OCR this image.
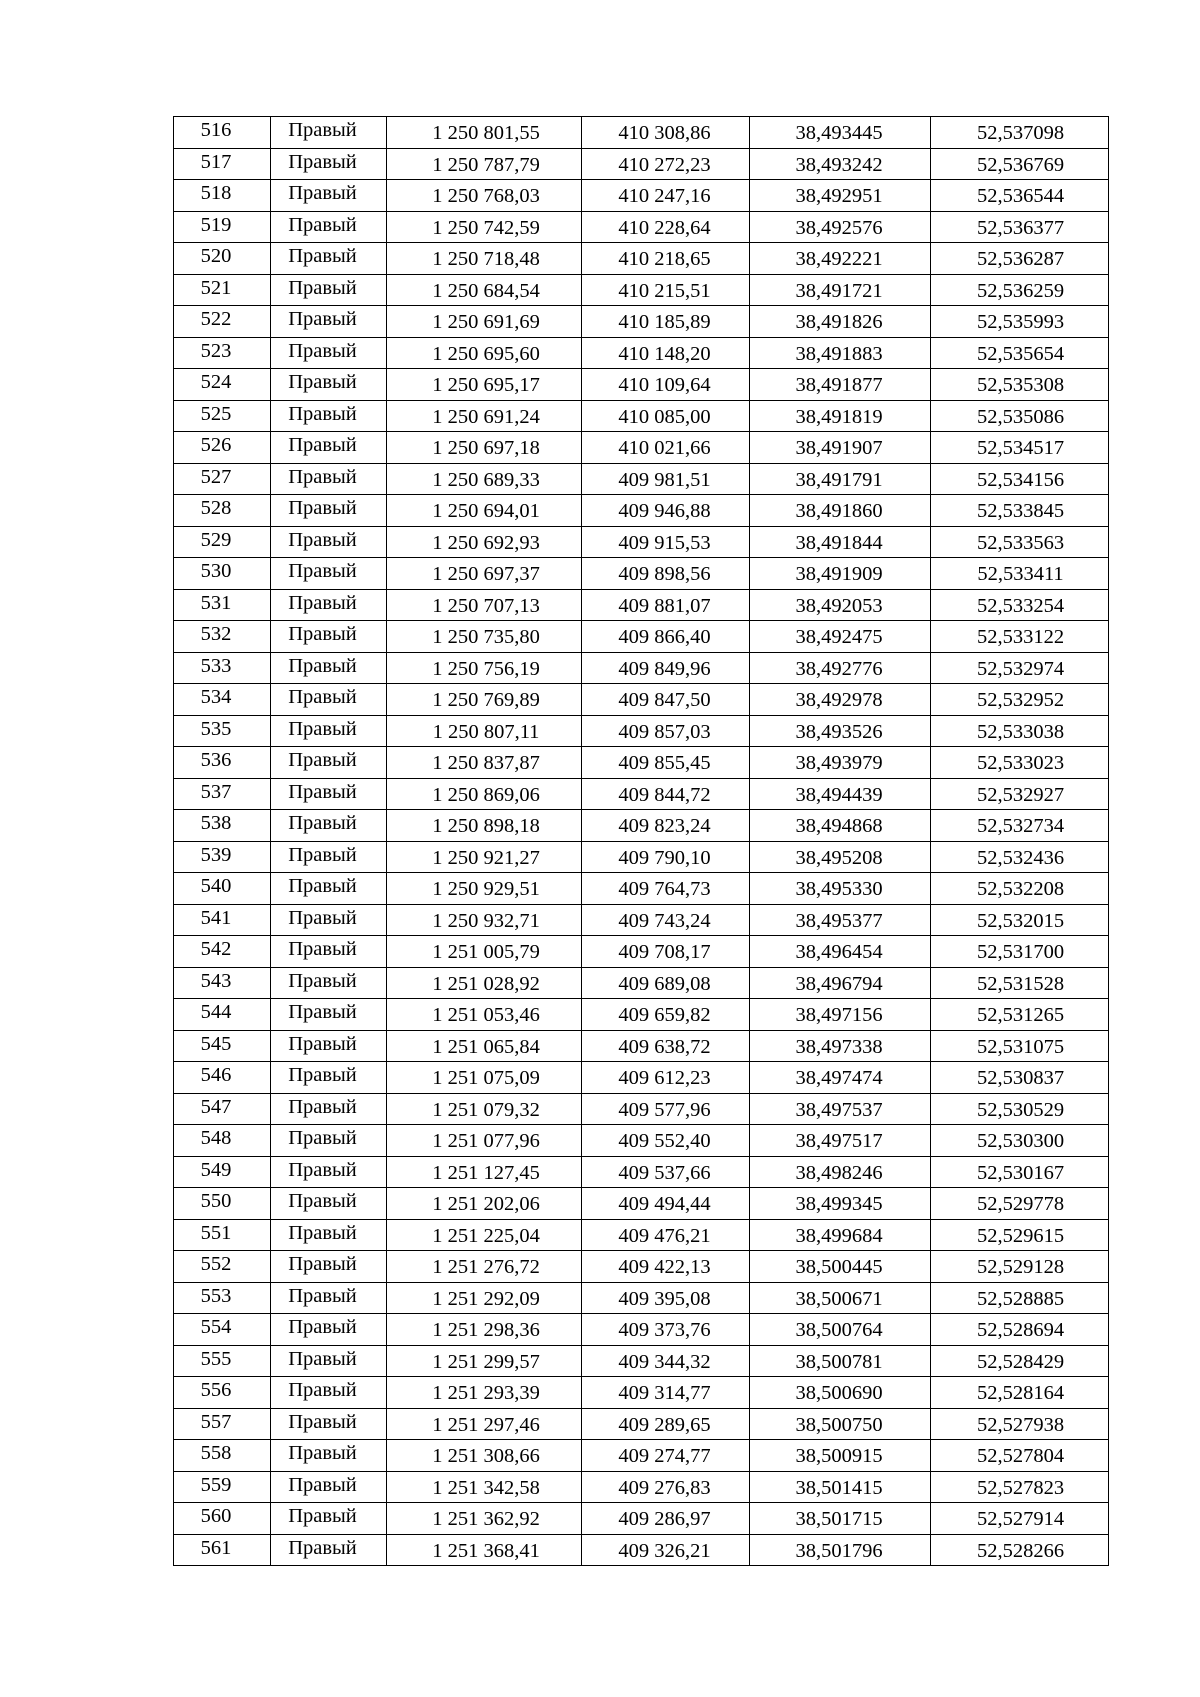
516	Правый	1 250 801,55	410 308,86	38,493445	52,537098
517	Правый	1 250 787,79	410 272,23	38,493242	52,536769
518	Правый	1 250 768,03	410 247,16	38,492951	52,536544
519	Правый	1 250 742,59	410 228,64	38,492576	52,536377
520	Правый	1 250 718,48	410 218,65	38,492221	52,536287
521	Правый	1 250 684,54	410 215,51	38,491721	52,536259
522	Правый	1 250 691,69	410 185,89	38,491826	52,535993
523	Правый	1 250 695,60	410 148,20	38,491883	52,535654
524	Правый	1 250 695,17	410 109,64	38,491877	52,535308
525	Правый	1 250 691,24	410 085,00	38,491819	52,535086
526	Правый	1 250 697,18	410 021,66	38,491907	52,534517
527	Правый	1 250 689,33	409 981,51	38,491791	52,534156
528	Правый	1 250 694,01	409 946,88	38,491860	52,533845
529	Правый	1 250 692,93	409 915,53	38,491844	52,533563
530	Правый	1 250 697,37	409 898,56	38,491909	52,533411
531	Правый	1 250 707,13	409 881,07	38,492053	52,533254
532	Правый	1 250 735,80	409 866,40	38,492475	52,533122
533	Правый	1 250 756,19	409 849,96	38,492776	52,532974
534	Правый	1 250 769,89	409 847,50	38,492978	52,532952
535	Правый	1 250 807,11	409 857,03	38,493526	52,533038
536	Правый	1 250 837,87	409 855,45	38,493979	52,533023
537	Правый	1 250 869,06	409 844,72	38,494439	52,532927
538	Правый	1 250 898,18	409 823,24	38,494868	52,532734
539	Правый	1 250 921,27	409 790,10	38,495208	52,532436
540	Правый	1 250 929,51	409 764,73	38,495330	52,532208
541	Правый	1 250 932,71	409 743,24	38,495377	52,532015
542	Правый	1 251 005,79	409 708,17	38,496454	52,531700
543	Правый	1 251 028,92	409 689,08	38,496794	52,531528
544	Правый	1 251 053,46	409 659,82	38,497156	52,531265
545	Правый	1 251 065,84	409 638,72	38,497338	52,531075
546	Правый	1 251 075,09	409 612,23	38,497474	52,530837
547	Правый	1 251 079,32	409 577,96	38,497537	52,530529
548	Правый	1 251 077,96	409 552,40	38,497517	52,530300
549	Правый	1 251 127,45	409 537,66	38,498246	52,530167
550	Правый	1 251 202,06	409 494,44	38,499345	52,529778
551	Правый	1 251 225,04	409 476,21	38,499684	52,529615
552	Правый	1 251 276,72	409 422,13	38,500445	52,529128
553	Правый	1 251 292,09	409 395,08	38,500671	52,528885
554	Правый	1 251 298,36	409 373,76	38,500764	52,528694
555	Правый	1 251 299,57	409 344,32	38,500781	52,528429
556	Правый	1 251 293,39	409 314,77	38,500690	52,528164
557	Правый	1 251 297,46	409 289,65	38,500750	52,527938
558	Правый	1 251 308,66	409 274,77	38,500915	52,527804
559	Правый	1 251 342,58	409 276,83	38,501415	52,527823
560	Правый	1 251 362,92	409 286,97	38,501715	52,527914
561	Правый	1 251 368,41	409 326,21	38,501796	52,528266
